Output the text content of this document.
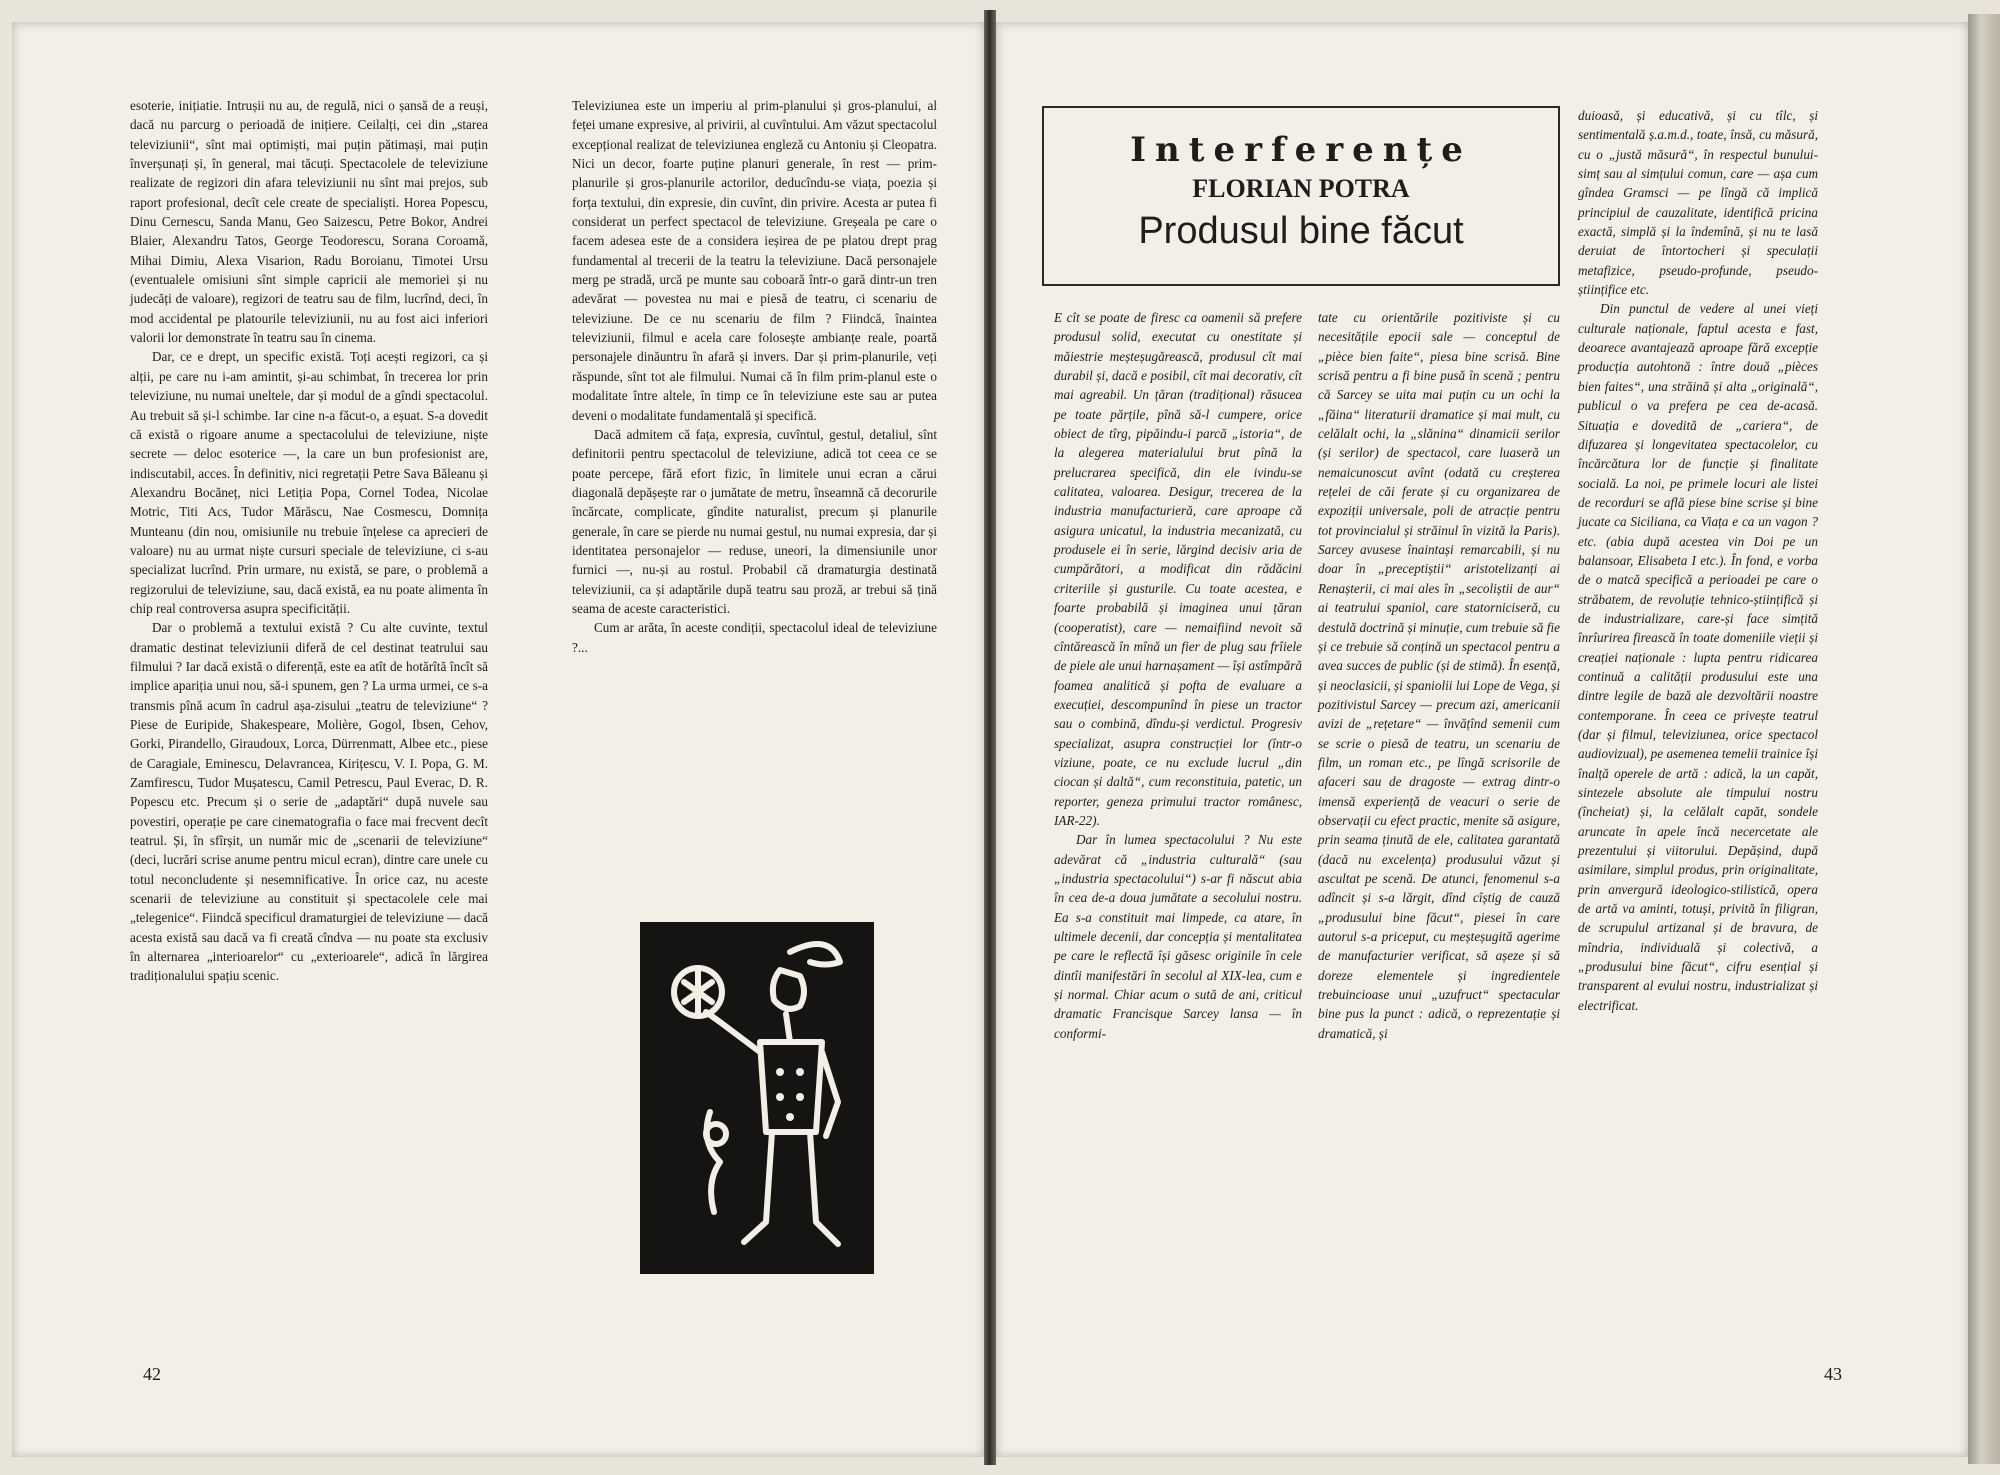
esoterie, inițiatie. Intrușii nu au, de regulă, nici o șansă de a reuși, dacă nu parcurg o perioadă de inițiere. Ceilalți, cei din „starea televiziunii“, sînt mai optimiști, mai puțin pătimași, mai puțin înverșunați și, în general, mai tăcuți. Spectacolele de televiziune realizate de regizori din afara televiziunii nu sînt mai prejos, sub raport profesional, decît cele create de specialiști. Horea Popescu, Dinu Cernescu, Sanda Manu, Geo Saizescu, Petre Bokor, Andrei Blaier, Alexandru Tatos, George Teodorescu, Sorana Coroamă, Mihai Dimiu, Alexa Visarion, Radu Boroianu, Timotei Ursu (eventualele omisiuni sînt simple capricii ale memoriei și nu judecăți de valoare), regizori de teatru sau de film, lucrînd, deci, în mod accidental pe platourile televiziunii, nu au fost aici inferiori valorii lor demonstrate în teatru sau în cinema.

Dar, ce e drept, un specific există. Toți acești regizori, ca și alții, pe care nu i-am amintit, și-au schimbat, în trecerea lor prin televiziune, nu numai uneltele, dar și modul de a gîndi spectacolul. Au trebuit să și-l schimbe. Iar cine n-a făcut-o, a eșuat. S-a dovedit că există o rigoare anume a spectacolului de televiziune, niște secrete — deloc esoterice —, la care un bun profesionist are, indiscutabil, acces. În definitiv, nici regretații Petre Sava Băleanu și Alexandru Bocăneț, nici Letiția Popa, Cornel Todea, Nicolae Motric, Titi Acs, Tudor Mărăscu, Nae Cosmescu, Domnița Munteanu (din nou, omisiunile nu trebuie înțelese ca aprecieri de valoare) nu au urmat niște cursuri speciale de televiziune, ci s-au specializat lucrînd. Prin urmare, nu există, se pare, o problemă a regizorului de televiziune, sau, dacă există, ea nu poate alimenta în chip real controversa asupra specificității.

Dar o problemă a textului există ? Cu alte cuvinte, textul dramatic destinat televiziunii diferă de cel destinat teatrului sau filmului ? Iar dacă există o diferență, este ea atît de hotărîtă încît să implice apariția unui nou, să-i spunem, gen ? La urma urmei, ce s-a transmis pînă acum în cadrul așa-zisului „teatru de televiziune“ ? Piese de Euripide, Shakespeare, Molière, Gogol, Ibsen, Cehov, Gorki, Pirandello, Giraudoux, Lorca, Dürrenmatt, Albee etc., piese de Caragiale, Eminescu, Delavrancea, Kirițescu, V. I. Popa, G. M. Zamfirescu, Tudor Mușatescu, Camil Petrescu, Paul Everac, D. R. Popescu etc. Precum și o serie de „adaptări“ după nuvele sau povestiri, operație pe care cinematografia o face mai frecvent decît teatrul. Și, în sfîrșit, un număr mic de „scenarii de televiziune“ (deci, lucrări scrise anume pentru micul ecran), dintre care unele cu totul neconcludente și nesemnificative. În orice caz, nu aceste scenarii de televiziune au constituit și spectacolele cele mai „telegenice“. Fiindcă specificul dramaturgiei de televiziune — dacă acesta există sau dacă va fi creată cîndva — nu poate sta exclusiv în alternarea „interioarelor“ cu „exterioarele“, adică în lărgirea tradiționalului spațiu scenic.

Televiziunea este un imperiu al prim-planului și gros-planului, al feței umane expresive, al privirii, al cuvîntului. Am văzut spectacolul excepțional realizat de televiziunea engleză cu Antoniu și Cleopatra. Nici un decor, foarte puține planuri generale, în rest — prim-planurile și gros-planurile actorilor, deducîndu-se viața, poezia și forța textului, din expresie, din cuvînt, din privire. Acesta ar putea fi considerat un perfect spectacol de televiziune. Greșeala pe care o facem adesea este de a considera ieșirea de pe platou drept prag fundamental al trecerii de la teatru la televiziune. Dacă personajele merg pe stradă, urcă pe munte sau coboară într-o gară dintr-un tren adevărat — povestea nu mai e piesă de teatru, ci scenariu de televiziune. De ce nu scenariu de film ? Fiindcă, înaintea televiziunii, filmul e acela care folosește ambianțe reale, poartă personajele dinăuntru în afară și invers. Dar și prim-planurile, veți răspunde, sînt tot ale filmului. Numai că în film prim-planul este o modalitate între altele, în timp ce în televiziune este sau ar putea deveni o modalitate fundamentală și specifică.

Dacă admitem că fața, expresia, cuvîntul, gestul, detaliul, sînt definitorii pentru spectacolul de televiziune, adică tot ceea ce se poate percepe, fără efort fizic, în limitele unui ecran a cărui diagonală depășește rar o jumătate de metru, înseamnă că decorurile încărcate, complicate, gîndite naturalist, precum și planurile generale, în care se pierde nu numai gestul, nu numai expresia, dar și identitatea personajelor — reduse, uneori, la dimensiunile unor furnici —, nu-și au rostul. Probabil că dramaturgia destinată televiziunii, ca și adaptările după teatru sau proză, ar trebui să țină seama de aceste caracteristici.

Cum ar arăta, în aceste condiții, spectacolul ideal de televiziune ?...

42
Interferențe
FLORIAN POTRA
Produsul bine făcut

E cît se poate de firesc ca oamenii să prefere produsul solid, executat cu onestitate și măiestrie meșteșugărească, produsul cît mai durabil și, dacă e posibil, cît mai decorativ, cît mai agreabil. Un țăran (tradițional) răsucea pe toate părțile, pînă să-l cumpere, orice obiect de tîrg, pipăindu-i parcă „istoria“, de la alegerea materialului brut pînă la prelucrarea specifică, din ele ivindu-se calitatea, valoarea. Desigur, trecerea de la industria manufacturieră, care aproape că asigura unicatul, la industria mecanizată, cu produsele ei în serie, lărgind decisiv aria de cumpărători, a modificat din rădăcini criteriile și gusturile. Cu toate acestea, e foarte probabilă și imaginea unui țăran (cooperatist), care — nemaifiind nevoit să cîntărească în mînă un fier de plug sau frîiele de piele ale unui harnașament — își astîmpără foamea analitică și pofta de evaluare a execuției, descompunînd în piese un tractor sau o combină, dîndu-și verdictul. Progresiv specializat, asupra construcției lor (într-o viziune, poate, ce nu exclude lucrul „din ciocan și daltă“, cum reconstituia, patetic, un reporter, geneza primului tractor românesc, IAR-22).

Dar în lumea spectacolului ? Nu este adevărat că „industria culturală“ (sau „industria spectacolului“) s-ar fi născut abia în cea de-a doua jumătate a secolului nostru. Ea s-a constituit mai limpede, ca atare, în ultimele decenii, dar concepția și mentalitatea pe care le reflectă își găsesc originile în cele dintîi manifestări în secolul al XIX-lea, cum e și normal. Chiar acum o sută de ani, criticul dramatic Francisque Sarcey lansa — în conformi-

tate cu orientările pozitiviste și cu necesitățile epocii sale — conceptul de „pièce bien faite“, piesa bine scrisă. Bine scrisă pentru a fi bine pusă în scenă ; pentru că Sarcey se uita mai puțin cu un ochi la „făina“ literaturii dramatice și mai mult, cu celălalt ochi, la „slănina“ dinamicii serilor (și serilor) de spectacol, care luaseră un nemaicunoscut avînt (odată cu creșterea rețelei de căi ferate și cu organizarea de expoziții universale, poli de atracție pentru tot provincialul și străinul în vizită la Paris). Sarcey avusese înaintași remarcabili, și nu doar în „preceptiștii“ aristotelizanți ai Renașterii, ci mai ales în „secoliștii de aur“ ai teatrului spaniol, care statorniciseră, cu destulă doctrină și minuție, cum trebuie să fie și ce trebuie să conțină un spectacol pentru a avea succes de public (și de stimă). În esență, și neoclasicii, și spaniolii lui Lope de Vega, și pozitivistul Sarcey — precum azi, americanii avizi de „rețetare“ — învățînd semenii cum se scrie o piesă de teatru, un scenariu de film, un roman etc., pe lîngă scrisorile de afaceri sau de dragoste — extrag dintr-o imensă experiență de veacuri o serie de observații cu efect practic, menite să asigure, prin seama ținută de ele, calitatea garantată (dacă nu excelența) produsului văzut și ascultat pe scenă. De atunci, fenomenul s-a adîncit și s-a lărgit, dînd cîștig de cauză „produsului bine făcut“, piesei în care autorul s-a priceput, cu meșteșugită agerime de manufacturier verificat, să așeze și să doreze elementele și ingredientele trebuincioase unui „uzufruct“ spectacular bine pus la punct : adică, o reprezentație și dramatică, și

duioasă, și educativă, și cu tîlc, și sentimentală ș.a.m.d., toate, însă, cu măsură, cu o „justă măsură“, în respectul bunului-simț sau al simțului comun, care — așa cum gîndea Gramsci — pe lîngă că implică principiul de cauzalitate, identifică pricina exactă, simplă și la îndemînă, și nu te lasă deruiat de întortocheri și speculații metafizice, pseudo-profunde, pseudo-științifice etc.

Din punctul de vedere al unei vieți culturale naționale, faptul acesta e fast, deoarece avantajează aproape fără excepție producția autohtonă : între două „pièces bien faites“, una străină și alta „originală“, publicul o va prefera pe cea de-acasă. Situația e dovedită de „cariera“, de difuzarea și longevitatea spectacolelor, cu încărcătura lor de funcție și finalitate socială. La noi, pe primele locuri ale listei de recorduri se află piese bine scrise și bine jucate ca Siciliana, ca Viața e ca un vagon ? etc. (abia după acestea vin Doi pe un balansoar, Elisabeta I etc.). În fond, e vorba de o matcă specifică a perioadei pe care o străbatem, de revoluție tehnico-științifică și de industrializare, care-și face simțită înrîurirea firească în toate domeniile vieții și creației naționale : lupta pentru ridicarea continuă a calității produsului este una dintre legile de bază ale dezvoltării noastre contemporane. În ceea ce privește teatrul (dar și filmul, televiziunea, orice spectacol audiovizual), pe asemenea temelii trainice își înalță operele de artă : adică, la un capăt, sintezele absolute ale timpului nostru (încheiat) și, la celălalt capăt, sondele aruncate în apele încă necercetate ale prezentului și viitorului. Depășind, după asimilare, simplul produs, prin originalitate, prin anvergură ideologico-stilistică, opera de artă va aminti, totuși, privită în filigran, de scrupulul artizanal și de bravura, de mîndria, individuală și colectivă, a „produsului bine făcut“, cifru esențial și transparent al evului nostru, industrializat și electrificat.

43
